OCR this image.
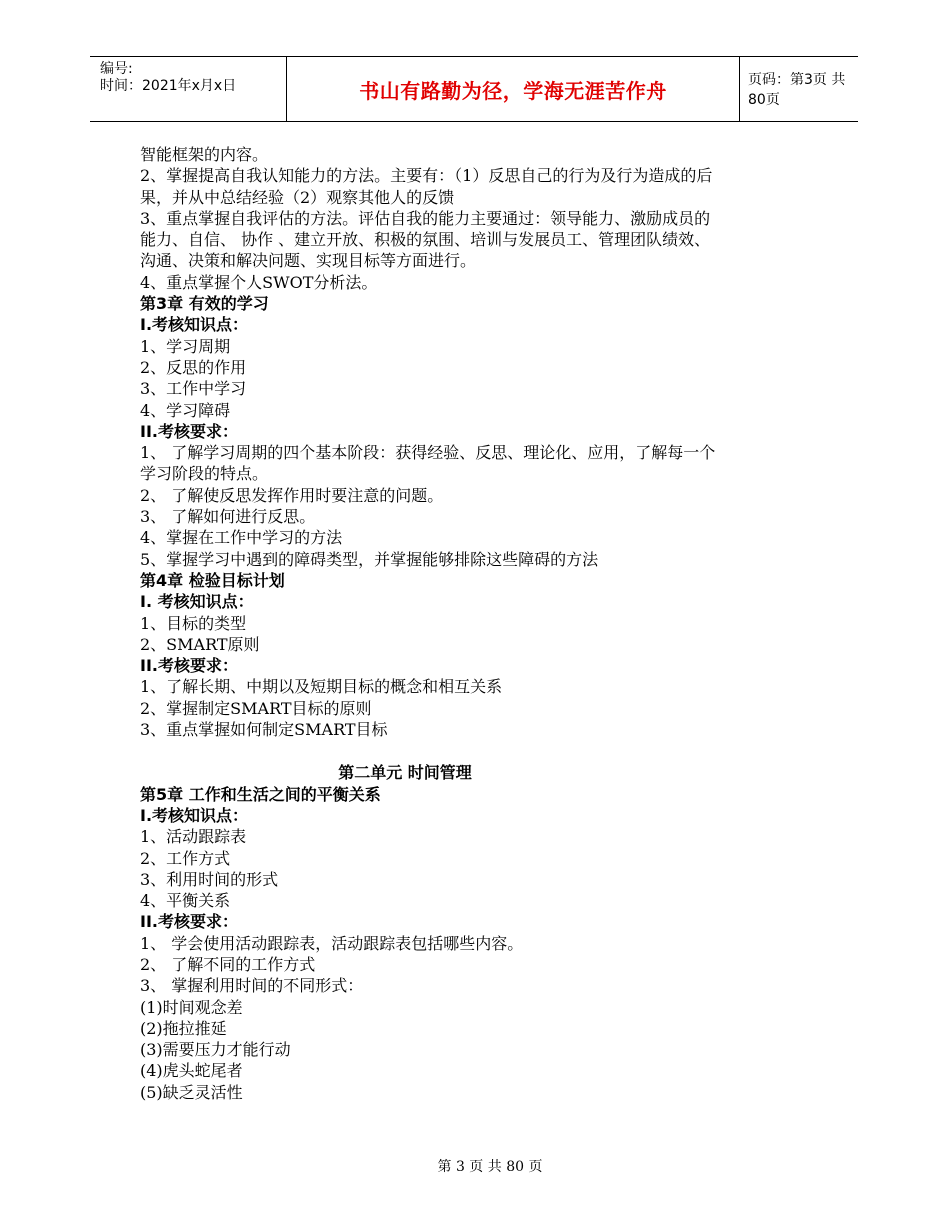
编号:
时间：2021年x月x日	书山有路勤为径，学海无涯苦作舟	页码：第3页 共80页
智能框架的内容。
2、掌握提高自我认知能力的方法。主要有：（1）反思自己的行为及行为造成的后
果，并从中总结经验（2）观察其他人的反馈
3、重点掌握自我评估的方法。评估自我的能力主要通过：领导能力、激励成员的
能力、自信、 协作 、建立开放、积极的氛围、培训与发展员工、管理团队绩效、
沟通、决策和解决问题、实现目标等方面进行。
4、重点掌握个人SWOT分析法。
第3章 有效的学习
I.考核知识点：
1、学习周期
2、反思的作用
3、工作中学习
4、学习障碍
II.考核要求：
1、 了解学习周期的四个基本阶段：获得经验、反思、理论化、应用，了解每一个
学习阶段的特点。
2、 了解使反思发挥作用时要注意的问题。
3、 了解如何进行反思。
4、掌握在工作中学习的方法
5、掌握学习中遇到的障碍类型，并掌握能够排除这些障碍的方法
第4章 检验目标计划
I. 考核知识点：
1、目标的类型
2、SMART原则
II.考核要求：
1、了解长期、中期以及短期目标的概念和相互关系
2、掌握制定SMART目标的原则
3、重点掌握如何制定SMART目标
第二单元 时间管理
第5章 工作和生活之间的平衡关系
I.考核知识点：
1、活动跟踪表
2、工作方式
3、利用时间的形式
4、平衡关系
II.考核要求：
1、 学会使用活动跟踪表，活动跟踪表包括哪些内容。
2、 了解不同的工作方式
3、 掌握利用时间的不同形式：
(1)时间观念差
(2)拖拉推延
(3)需要压力才能行动
(4)虎头蛇尾者
(5)缺乏灵活性
第 3 页 共 80 页
